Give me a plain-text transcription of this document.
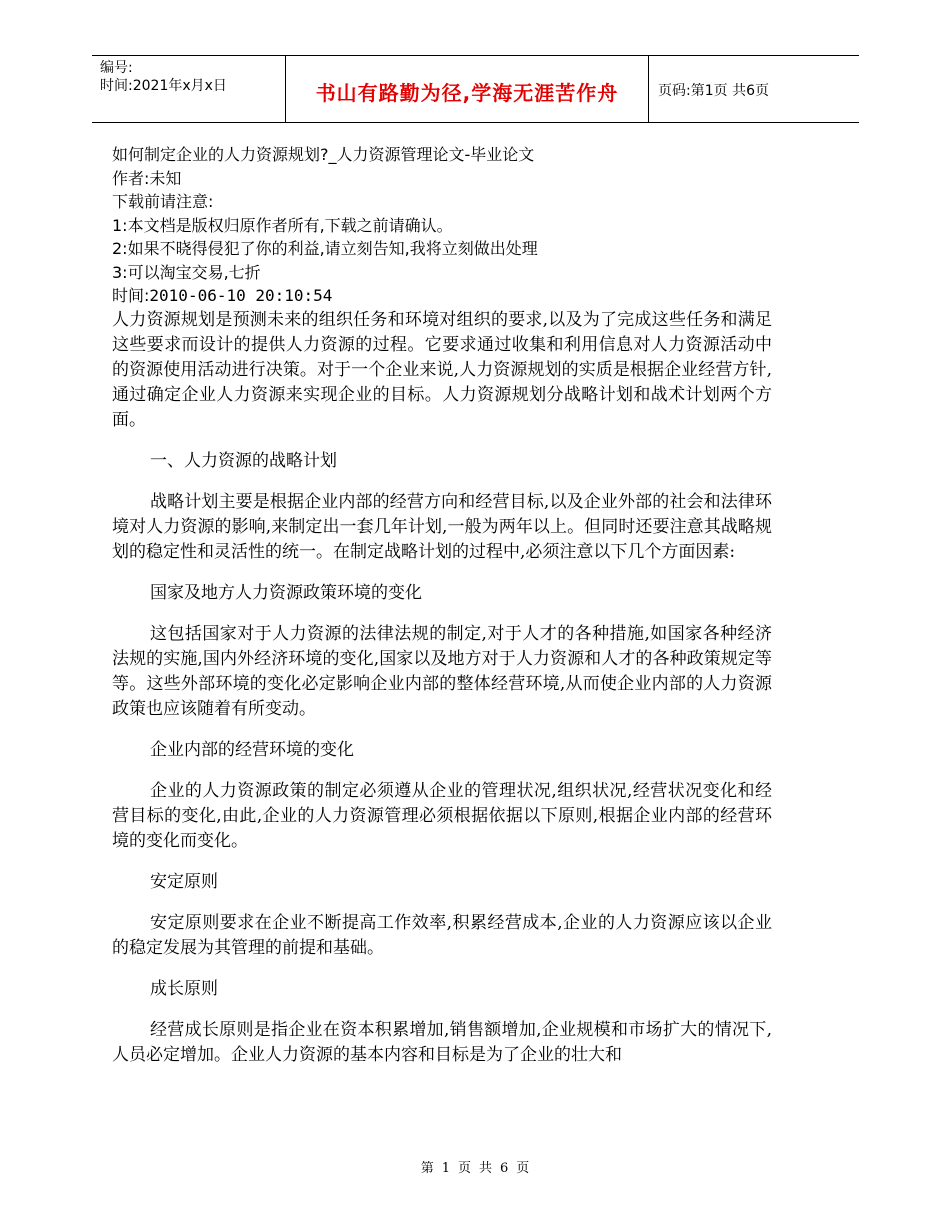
编号:
时间:2021年x月x日	书山有路勤为径,学海无涯苦作舟	页码:第1页 共6页
如何制定企业的人力资源规划?_人力资源管理论文-毕业论文
作者:未知
下载前请注意:
1:本文档是版权归原作者所有,下载之前请确认。
2:如果不晓得侵犯了你的利益,请立刻告知,我将立刻做出处理
3:可以淘宝交易,七折
时间:2010-06-10 20:10:54

人力资源规划是预测未来的组织任务和环境对组织的要求,以及为了完成这些任务和满足这些要求而设计的提供人力资源的过程。它要求通过收集和利用信息对人力资源活动中的资源使用活动进行决策。对于一个企业来说,人力资源规划的实质是根据企业经营方针,通过确定企业人力资源来实现企业的目标。人力资源规划分战略计划和战术计划两个方面。

一、人力资源的战略计划

战略计划主要是根据企业内部的经营方向和经营目标,以及企业外部的社会和法律环境对人力资源的影响,来制定出一套几年计划,一般为两年以上。但同时还要注意其战略规划的稳定性和灵活性的统一。在制定战略计划的过程中,必须注意以下几个方面因素:

国家及地方人力资源政策环境的变化

这包括国家对于人力资源的法律法规的制定,对于人才的各种措施,如国家各种经济法规的实施,国内外经济环境的变化,国家以及地方对于人力资源和人才的各种政策规定等等。这些外部环境的变化必定影响企业内部的整体经营环境,从而使企业内部的人力资源政策也应该随着有所变动。

企业内部的经营环境的变化

企业的人力资源政策的制定必须遵从企业的管理状况,组织状况,经营状况变化和经营目标的变化,由此,企业的人力资源管理必须根据依据以下原则,根据企业内部的经营环境的变化而变化。

安定原则

安定原则要求在企业不断提高工作效率,积累经营成本,企业的人力资源应该以企业的稳定发展为其管理的前提和基础。

成长原则

经营成长原则是指企业在资本积累增加,销售额增加,企业规模和市场扩大的情况下,人员必定增加。企业人力资源的基本内容和目标是为了企业的壮大和

第 1 页 共 6 页
